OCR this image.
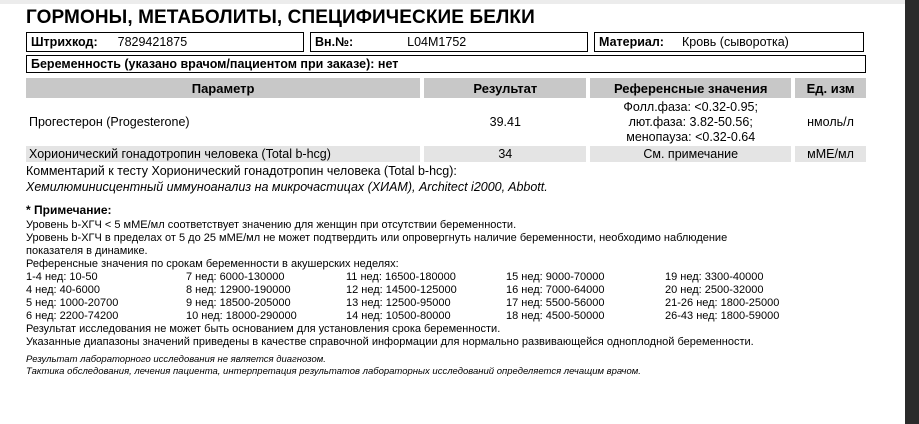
ГОРМОНЫ, МЕТАБОЛИТЫ, СПЕЦИФИЧЕСКИЕ БЕЛКИ
Штрихкод: 7829421875	Вн.№:	L04M1752	Материал: Кровь (сыворотка)
Беременность (указано врачом/пациентом при заказе): нет
Параметр	Результат	Референсные значения	Ед. изм
Прогестерон (Progesterone)	39.41	Фолл.фаза: <0.32-0.95;
лют.фаза: 3.82-50.56;
менопауза: <0.32-0.64	нмоль/л
Хорионический гонадотропин человека (Total b-hcg)	34	См. примечание	мМЕ/мл
Комментарий к тесту Хорионический гонадотропин человека (Total b-hcg):
Хемилюминисцентный иммуноанализ на микрочастицах (ХИАМ), Architect i2000, Abbott.
* Примечание:
Уровень b-ХГЧ < 5 мМЕ/мл соответствует значению для женщин при отсутствии беременности.
Уровень b-ХГЧ в пределах от 5 до 25 мМЕ/мл не может подтвердить или опровергнуть наличие беременности, необходимо наблюдение
показателя в динамике.
Референсные значения по срокам беременности в акушерских неделях:
1-4 нед: 10-50	7 нед: 6000-130000	11 нед: 16500-180000	15 нед: 9000-70000	19 нед: 3300-40000
4 нед: 40-6000	8 нед: 12900-190000	12 нед: 14500-125000	16 нед: 7000-64000	20 нед: 2500-32000
5 нед: 1000-20700	9 нед: 18500-205000	13 нед: 12500-95000	17 нед: 5500-56000	21-26 нед: 1800-25000
6 нед: 2200-74200	10 нед: 18000-290000	14 нед: 10500-80000	18 нед: 4500-50000	26-43 нед: 1800-59000
Результат исследования не может быть основанием для установления срока беременности.
Указанные диапазоны значений приведены в качестве справочной информации для нормально развивающейся одноплодной беременности.
Результат лабораторного исследования не является диагнозом.
Тактика обследования, лечения пациента, интерпретация результатов лабораторных исследований определяется лечащим врачом.
